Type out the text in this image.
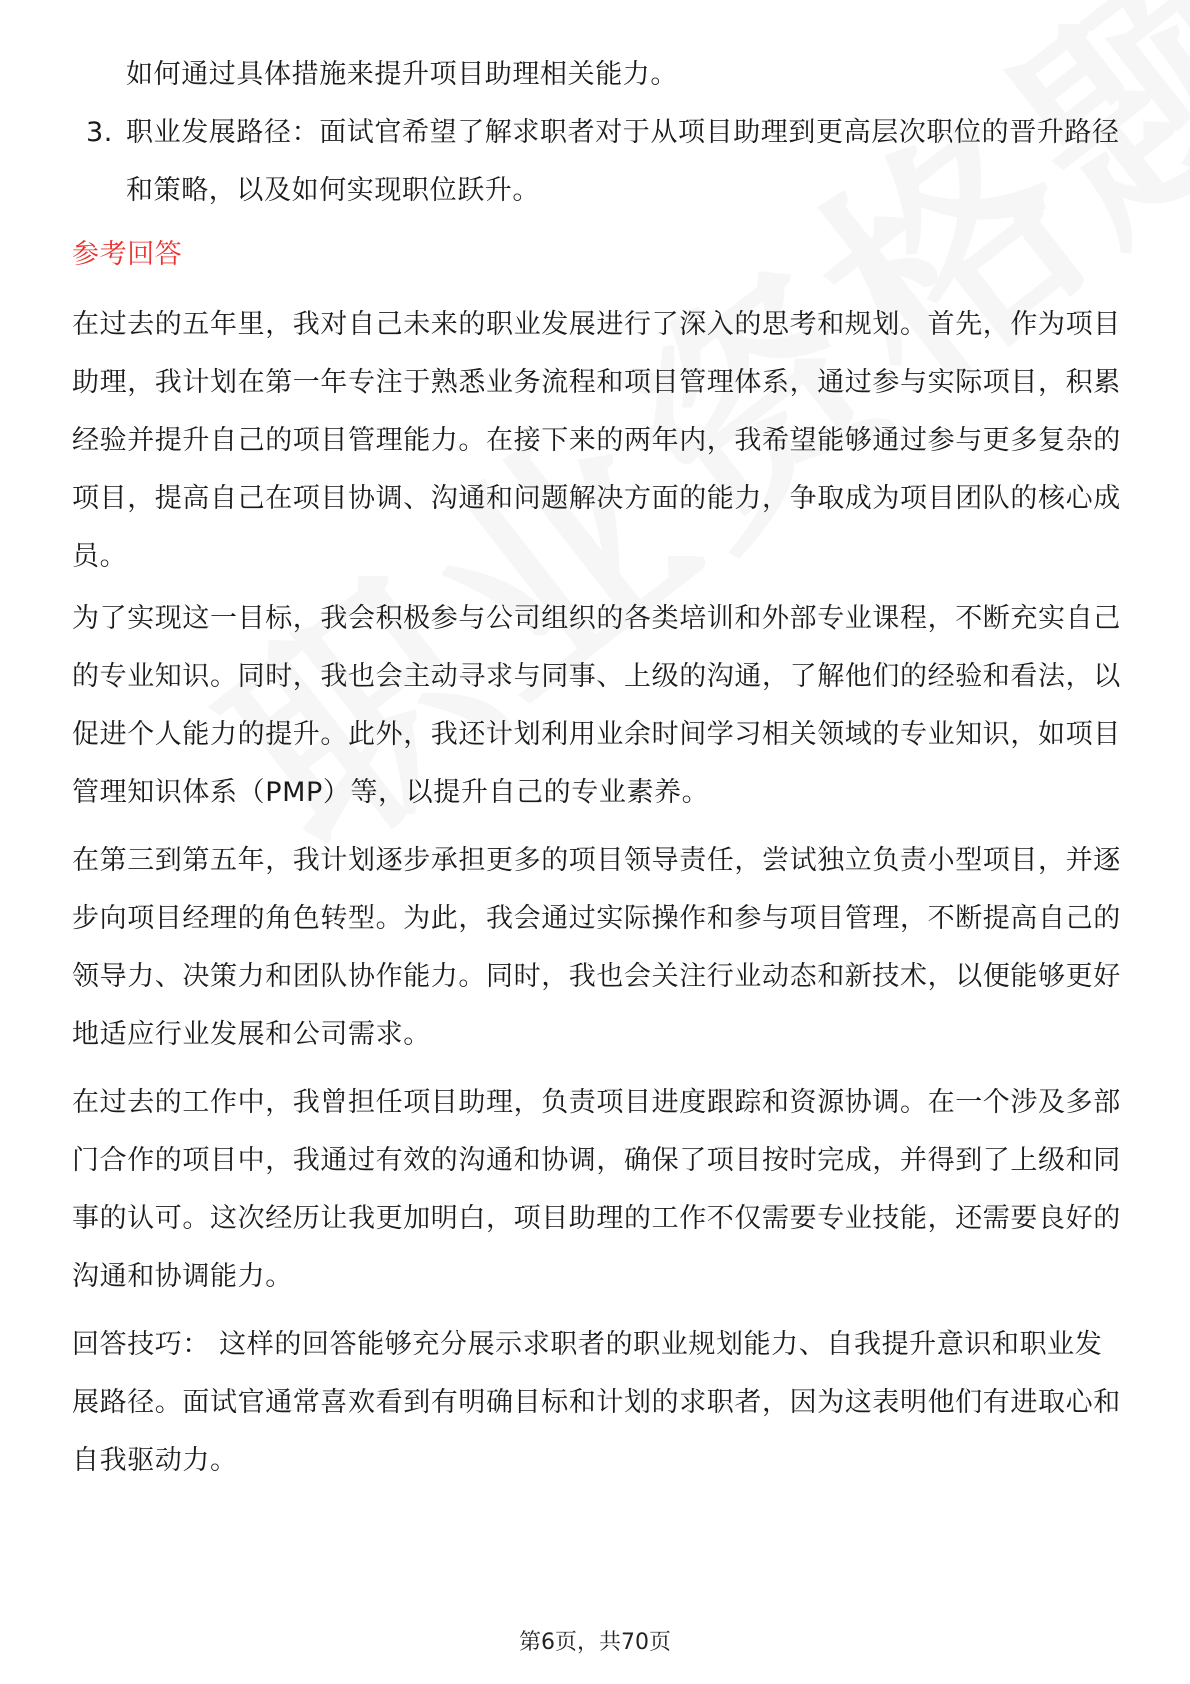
如何通过具体措施来提升项目助理相关能力。
3. 职业发展路径：面试官希望了解求职者对于从项目助理到更高层次职位的晋升路径和策略，以及如何实现职位跃升。
参考回答
在过去的五年里，我对自己未来的职业发展进行了深入的思考和规划。首先，作为项目助理，我计划在第一年专注于熟悉业务流程和项目管理体系，通过参与实际项目，积累经验并提升自己的项目管理能力。在接下来的两年内，我希望能够通过参与更多复杂的项目，提高自己在项目协调、沟通和问题解决方面的能力，争取成为项目团队的核心成员。
为了实现这一目标，我会积极参与公司组织的各类培训和外部专业课程，不断充实自己的专业知识。同时，我也会主动寻求与同事、上级的沟通，了解他们的经验和看法，以促进个人能力的提升。此外，我还计划利用业余时间学习相关领域的专业知识，如项目管理知识体系（PMP）等，以提升自己的专业素养。
在第三到第五年，我计划逐步承担更多的项目领导责任，尝试独立负责小型项目，并逐步向项目经理的角色转型。为此，我会通过实际操作和参与项目管理，不断提高自己的领导力、决策力和团队协作能力。同时，我也会关注行业动态和新技术，以便能够更好地适应行业发展和公司需求。
在过去的工作中，我曾担任项目助理，负责项目进度跟踪和资源协调。在一个涉及多部门合作的项目中，我通过有效的沟通和协调，确保了项目按时完成，并得到了上级和同事的认可。这次经历让我更加明白，项目助理的工作不仅需要专业技能，还需要良好的沟通和协调能力。
回答技巧： 这样的回答能够充分展示求职者的职业规划能力、自我提升意识和职业发展路径。面试官通常喜欢看到有明确目标和计划的求职者，因为这表明他们有进取心和自我驱动力。
第6页，共70页
